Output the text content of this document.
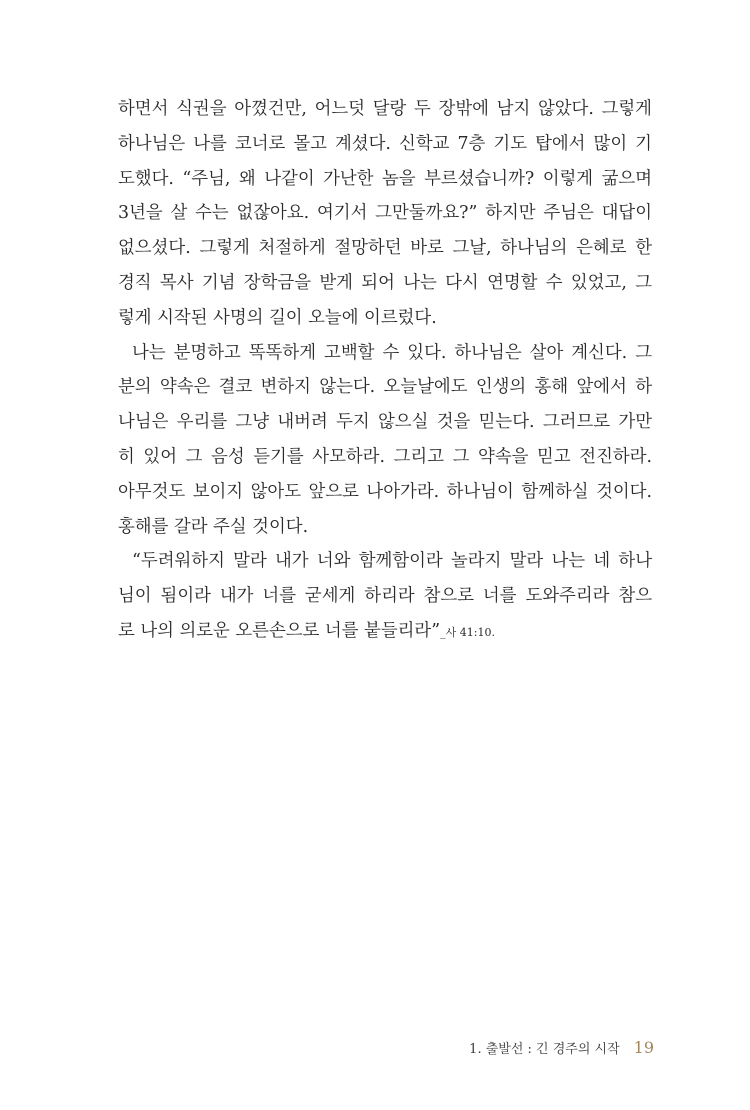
하면서 식권을 아꼈건만, 어느덧 달랑 두 장밖에 남지 않았다. 그렇게
하나님은 나를 코너로 몰고 계셨다. 신학교 7층 기도 탑에서 많이 기
도했다. “주님, 왜 나같이 가난한 놈을 부르셨습니까? 이렇게 굶으며
3년을 살 수는 없잖아요. 여기서 그만둘까요?” 하지만 주님은 대답이
없으셨다. 그렇게 처절하게 절망하던 바로 그날, 하나님의 은혜로 한
경직 목사 기념 장학금을 받게 되어 나는 다시 연명할 수 있었고, 그
렇게 시작된 사명의 길이 오늘에 이르렀다.
나는 분명하고 똑똑하게 고백할 수 있다. 하나님은 살아 계신다. 그
분의 약속은 결코 변하지 않는다. 오늘날에도 인생의 홍해 앞에서 하
나님은 우리를 그냥 내버려 두지 않으실 것을 믿는다. 그러므로 가만
히 있어 그 음성 듣기를 사모하라. 그리고 그 약속을 믿고 전진하라.
아무것도 보이지 않아도 앞으로 나아가라. 하나님이 함께하실 것이다.
홍해를 갈라 주실 것이다.
“두려워하지 말라 내가 너와 함께함이라 놀라지 말라 나는 네 하나
님이 됨이라 내가 너를 굳세게 하리라 참으로 너를 도와주리라 참으
로 나의 의로운 오른손으로 너를 붙들리라”_사 41:10.
1. 출발선 : 긴 경주의 시작 19
